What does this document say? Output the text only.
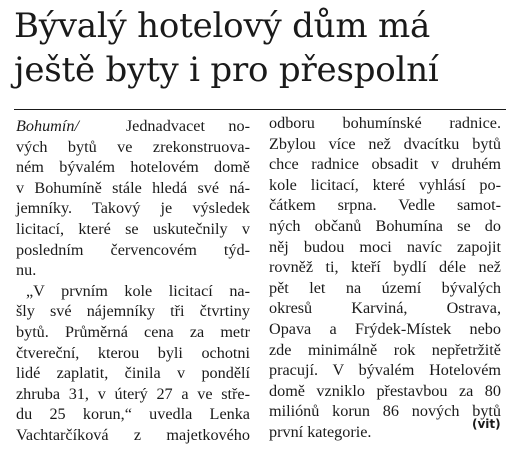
Bývalý hotelový dům má
ještě byty i pro přespolní
Bohumín/	Jednadvacet no-
vých bytů ve zrekonstruova-
ném bývalém hotelovém domě
v Bohumíně stále hledá své ná-
jemníky. Takový je výsledek
licitací, které se uskutečnily v
posledním červencovém týd-
nu.
„V prvním kole licitací na-
šly své nájemníky tři čtvrtiny
bytů. Průměrná cena za metr
čtvereční, kterou byli ochotni
lidé zaplatit, činila v pondělí
zhruba 31, v úterý 27 a ve stře-
du 25 korun,“ uvedla Lenka
Vachtarčíková z majetkového
odboru bohumínské radnice.
Zbylou více než dvacítku bytů
chce radnice obsadit v druhém
kole licitací, které vyhlásí po-
čátkem srpna. Vedle samot-
ných občanů Bohumína se do
něj budou moci navíc zapojit
rovněž ti, kteří bydlí déle než
pět let na území bývalých
okresů Karviná, Ostrava,
Opava a Frýdek-Místek nebo
zde minimálně rok nepřetržitě
pracují. V bývalém Hotelovém
domě vzniklo přestavbou za 80
miliónů korun 86 nových bytů
první kategorie.	(vit)
